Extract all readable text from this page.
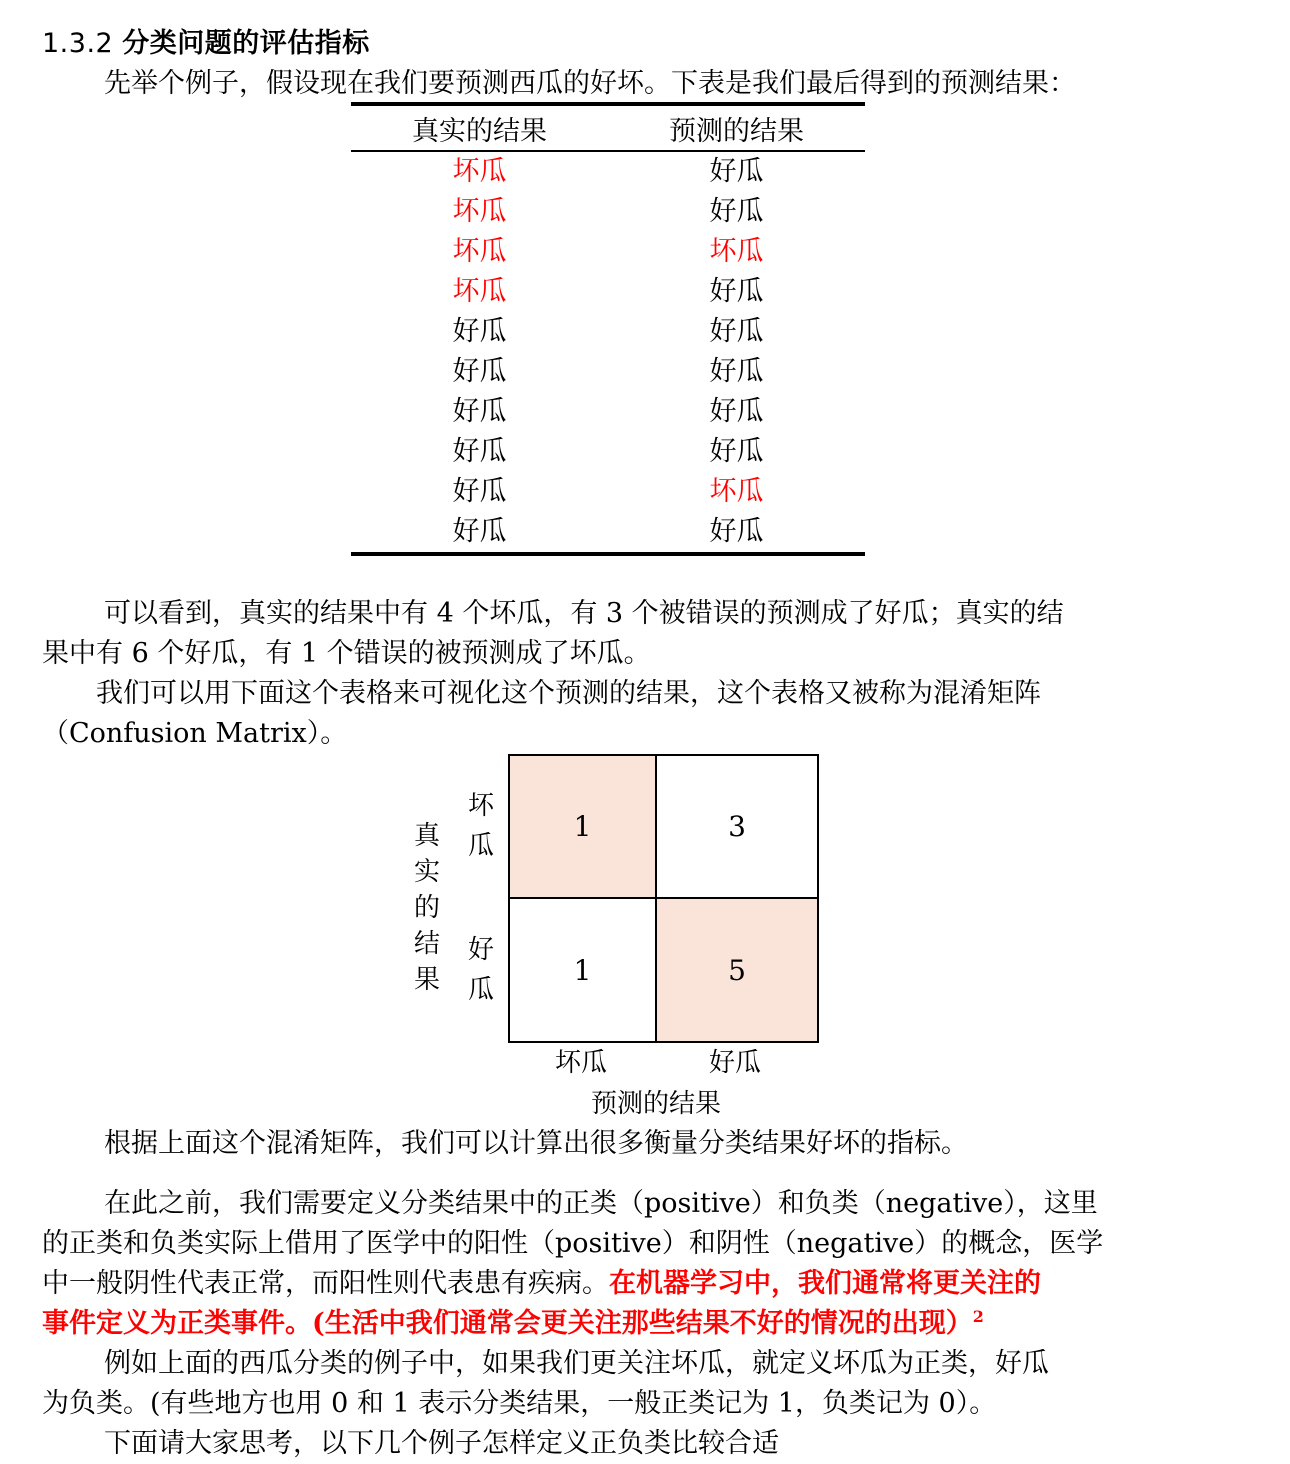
1.3.2 分类问题的评估指标
先举个例子，假设现在我们要预测西瓜的好坏。下表是我们最后得到的预测结果：
真实的结果	预测的结果
坏瓜	好瓜
坏瓜	好瓜
坏瓜	坏瓜
坏瓜	好瓜
好瓜	好瓜
好瓜	好瓜
好瓜	好瓜
好瓜	好瓜
好瓜	坏瓜
好瓜	好瓜
可以看到，真实的结果中有 4 个坏瓜，有 3 个被错误的预测成了好瓜；真实的结
果中有 6 个好瓜，有 1 个错误的被预测成了坏瓜。
我们可以用下面这个表格来可视化这个预测的结果，这个表格又被称为混淆矩阵
（Confusion Matrix）。
真
实
的
结
果
坏
瓜
好
瓜
1	3
1	5
坏瓜	好瓜
预测的结果
根据上面这个混淆矩阵，我们可以计算出很多衡量分类结果好坏的指标。
在此之前，我们需要定义分类结果中的正类（positive）和负类（negative），这里
的正类和负类实际上借用了医学中的阳性（positive）和阴性（negative）的概念，医学
中一般阴性代表正常，而阳性则代表患有疾病。在机器学习中，我们通常将更关注的
事件定义为正类事件。(生活中我们通常会更关注那些结果不好的情况的出现）$^2$
例如上面的西瓜分类的例子中，如果我们更关注坏瓜，就定义坏瓜为正类，好瓜
为负类。(有些地方也用 0 和 1 表示分类结果，一般正类记为 1，负类记为 0）。
下面请大家思考，以下几个例子怎样定义正负类比较合适
